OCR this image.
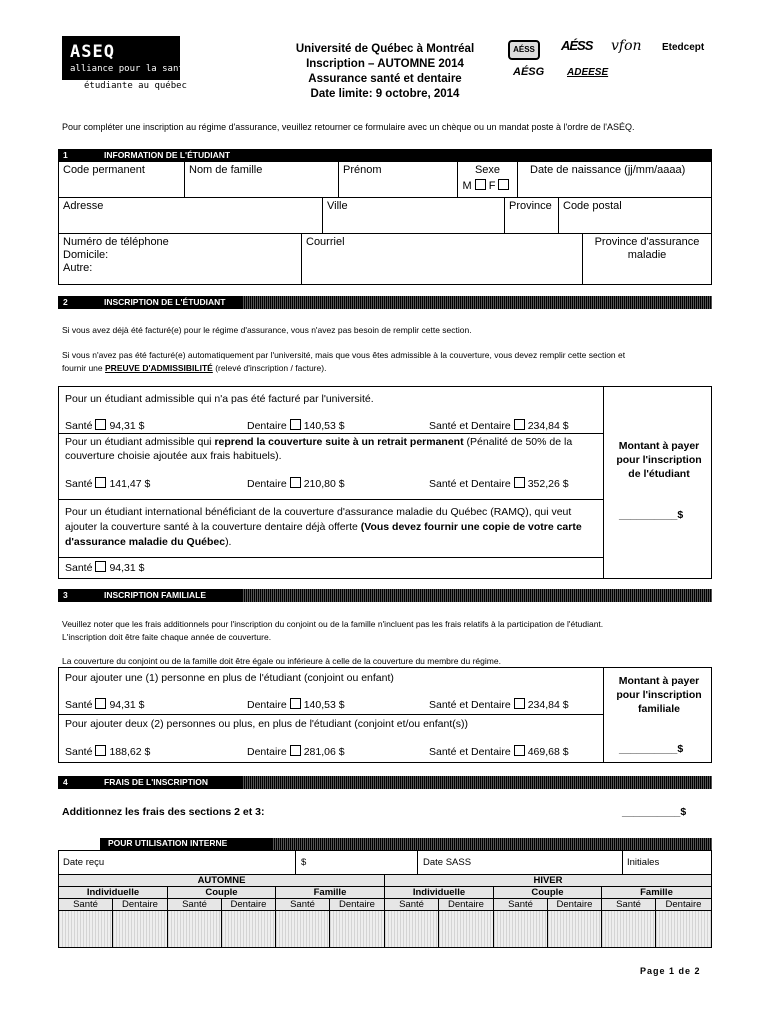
ASEQ
alliance pour la santé
étudiante au québec
Université de Québec à Montréal
Inscription – AUTOMNE 2014
Assurance santé et dentaire
Date limite: 9 octobre, 2014
AÉSS	AÉSS vfon Etedcept
AÉSG ADEESE
Pour compléter une inscription au régime d'assurance, veuillez retourner ce formulaire avec un chèque ou un mandat poste à l'ordre de l'ASÉQ.
1	INFORMATION DE L'ÉTUDIANT
Code permanent	Nom de famille	Prénom	Sexe
M F
Date de naissance (jj/mm/aaaa)
Adresse	Ville	Province	Code postal
Numéro de téléphone
Domicile:
Autre:
Courriel	Province d'assurance
maladie
2	INSCRIPTION DE L'ÉTUDIANT
Si vous avez déjà été facturé(e) pour le régime d'assurance, vous n'avez pas besoin de remplir cette section.
Si vous n'avez pas été facturé(e) automatiquement par l'université, mais que vous êtes admissible à la couverture, vous devez remplir cette section et
fournir une PREUVE D'ADMISSIBILITÉ (relevé d'inscription / facture).
Pour un étudiant admissible qui n'a pas été facturé par l'université.
Santé 94,31 $	Dentaire 140,53 $	Santé et Dentaire 234,84 $
Pour un étudiant admissible qui reprend la couverture suite à un retrait permanent (Pénalité de 50% de la
couverture choisie ajoutée aux frais habituels).
Santé 141,47 $	Dentaire 210,80 $	Santé et Dentaire 352,26 $
Pour un étudiant international bénéficiant de la couverture d'assurance maladie du Québec (RAMQ), qui veut
ajouter la couverture santé à la couverture dentaire déjà offerte (Vous devez fournir une copie de votre carte
d'assurance maladie du Québec).
Santé 94,31 $
Montant à payer pour l'inscription de l'étudiant
__________$
3	INSCRIPTION FAMILIALE
Veuillez noter que les frais additionnels pour l'inscription du conjoint ou de la famille n'incluent pas les frais relatifs à la participation de l'étudiant.
L'inscription doit être faite chaque année de couverture.
La couverture du conjoint ou de la famille doit être égale ou inférieure à celle de la couverture du membre du régime.
Pour ajouter une (1) personne en plus de l'étudiant (conjoint ou enfant)
Santé 94,31 $	Dentaire 140,53 $	Santé et Dentaire 234,84 $
Pour ajouter deux (2) personnes ou plus, en plus de l'étudiant (conjoint et/ou enfant(s))
Santé 188,62 $	Dentaire 281,06 $	Santé et Dentaire 469,68 $
Montant à payer pour l'inscription familiale
__________$
4	FRAIS DE L'INSCRIPTION
Additionnez les frais des sections 2 et 3:	__________$
POUR UTILISATION INTERNE
Date reçu	$	Date SASS	Initiales
AUTOMNE	HIVER
Individuelle	Couple	Famille	Individuelle	Couple	Famille
Santé	Dentaire	Santé	Dentaire	Santé	Dentaire	Santé	Dentaire	Santé	Dentaire	Santé	Dentaire
Page 1 de 2
